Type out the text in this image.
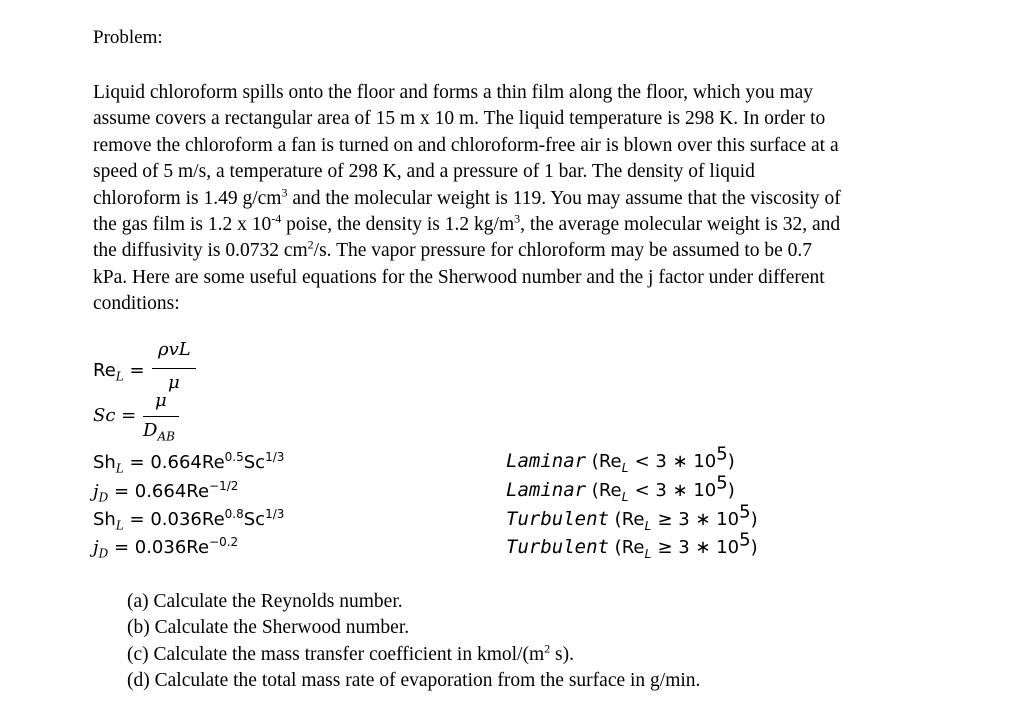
Problem:
Liquid chloroform spills onto the floor and forms a thin film along the floor, which you may
assume covers a rectangular area of 15 m x 10 m. The liquid temperature is 298 K. In order to
remove the chloroform a fan is turned on and chloroform-free air is blown over this surface at a
speed of 5 m/s, a temperature of 298 K, and a pressure of 1 bar. The density of liquid
chloroform is 1.49 $g/cm^3$ and the molecular weight is 119. You may assume that the viscosity of
the gas film is 1.2 x $10^{-4}$ poise, the density is 1.2 $kg/m^3$, the average molecular weight is 32, and
the diffusivity is 0.0732 $cm^2/s$. The vapor pressure for chloroform may be assumed to be 0.7
kPa. Here are some useful equations for the Sherwood number and the j factor under different
conditions:
$Re_L$ =
ρvL
μ
Sc =
μ
$D_{AB}$
$Sh_L = 0.664Re^{0.5}Sc^{1/3}$
$j_D = 0.664Re^{-1/2}$
$Sh_L = 0.036Re^{0.8}Sc^{1/3}$
$j_D = 0.036Re^{-0.2}$
Laminar ($Re_L < 3$ ∗ $10^5$)
Laminar ($Re_L < 3$ ∗ $10^5$)
Turbulent ($Re_L \ge 3$ ∗ $10^5$)
Turbulent ($Re_L \ge 3$ ∗ $10^5$)
(a) Calculate the Reynolds number.
(b) Calculate the Sherwood number.
(c) Calculate the mass transfer coefficient in kmol/($m^2$ s).
(d) Calculate the total mass rate of evaporation from the surface in g/min.
